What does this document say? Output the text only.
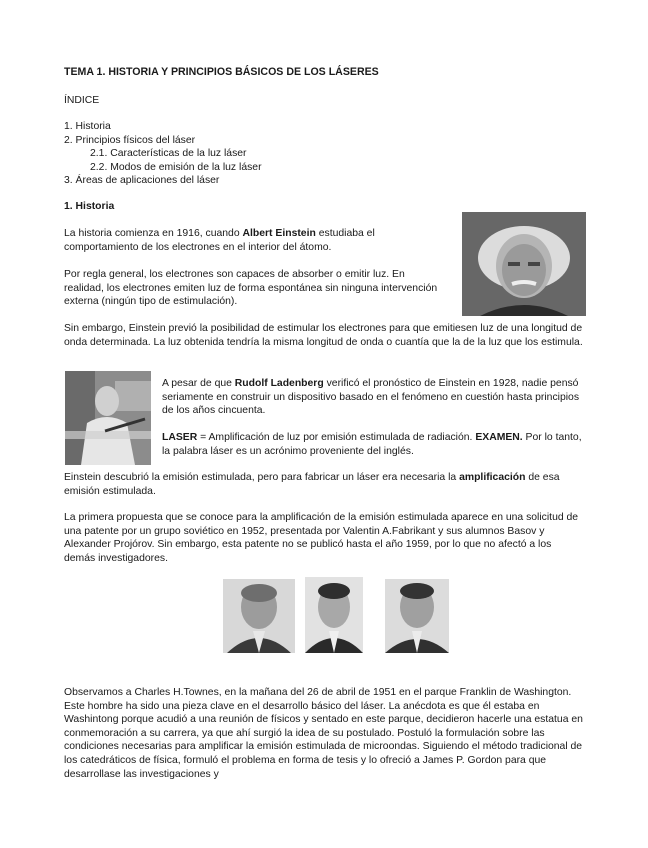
TEMA 1. HISTORIA Y PRINCIPIOS BÁSICOS DE LOS LÁSERES
ÍNDICE
1. Historia
2. Principios físicos del láser
2.1. Características de la luz láser
2.2. Modos de emisión de la luz láser
3. Áreas de aplicaciones del láser
1. Historia

La historia comienza en 1916, cuando Albert Einstein estudiaba el comportamiento de los electrones en el interior del átomo.

Por regla general, los electrones son capaces de absorber o emitir luz. En realidad, los electrones emiten luz de forma espontánea sin ninguna intervención externa (ningún tipo de estimulación).

Sin embargo, Einstein previó la posibilidad de estimular los electrones para que emitiesen luz de una longitud de onda determinada. La luz obtenida tendría la misma longitud de onda o cuantía que la de la luz que los estimula.

A pesar de que Rudolf Ladenberg verificó el pronóstico de Einstein en 1928, nadie pensó seriamente en construir un dispositivo basado en el fenómeno en cuestión hasta principios de los años cincuenta.

LASER = Amplificación de luz por emisión estimulada de radiación. EXAMEN. Por lo tanto, la palabra láser es un acrónimo proveniente del inglés.

Einstein descubrió la emisión estimulada, pero para fabricar un láser era necesaria la amplificación de esa emisión estimulada.

La primera propuesta que se conoce para la amplificación de la emisión estimulada aparece en una solicitud de una patente por un grupo soviético en 1952, presentada por Valentin A.Fabrikant y sus alumnos Basov y Alexander Projórov. Sin embargo, esta patente no se publicó hasta el año 1959, por lo que no afectó a los demás investigadores.

Observamos a Charles H.Townes, en la mañana del 26 de abril de 1951 en el parque Franklin de Washington. Este hombre ha sido una pieza clave en el desarrollo básico del láser. La anécdota es que él estaba en Washintong porque acudió a una reunión de físicos y sentado en este parque, decidieron hacerle una estatua en conmemoración a su carrera, ya que ahí surgió la idea de su postulado. Postuló la formulación sobre las condiciones necesarias para amplificar la emisión estimulada de microondas. Siguiendo el método tradicional de los catedráticos de física, formuló el problema en forma de tesis y lo ofreció a James P. Gordon para que desarrollase las investigaciones y
